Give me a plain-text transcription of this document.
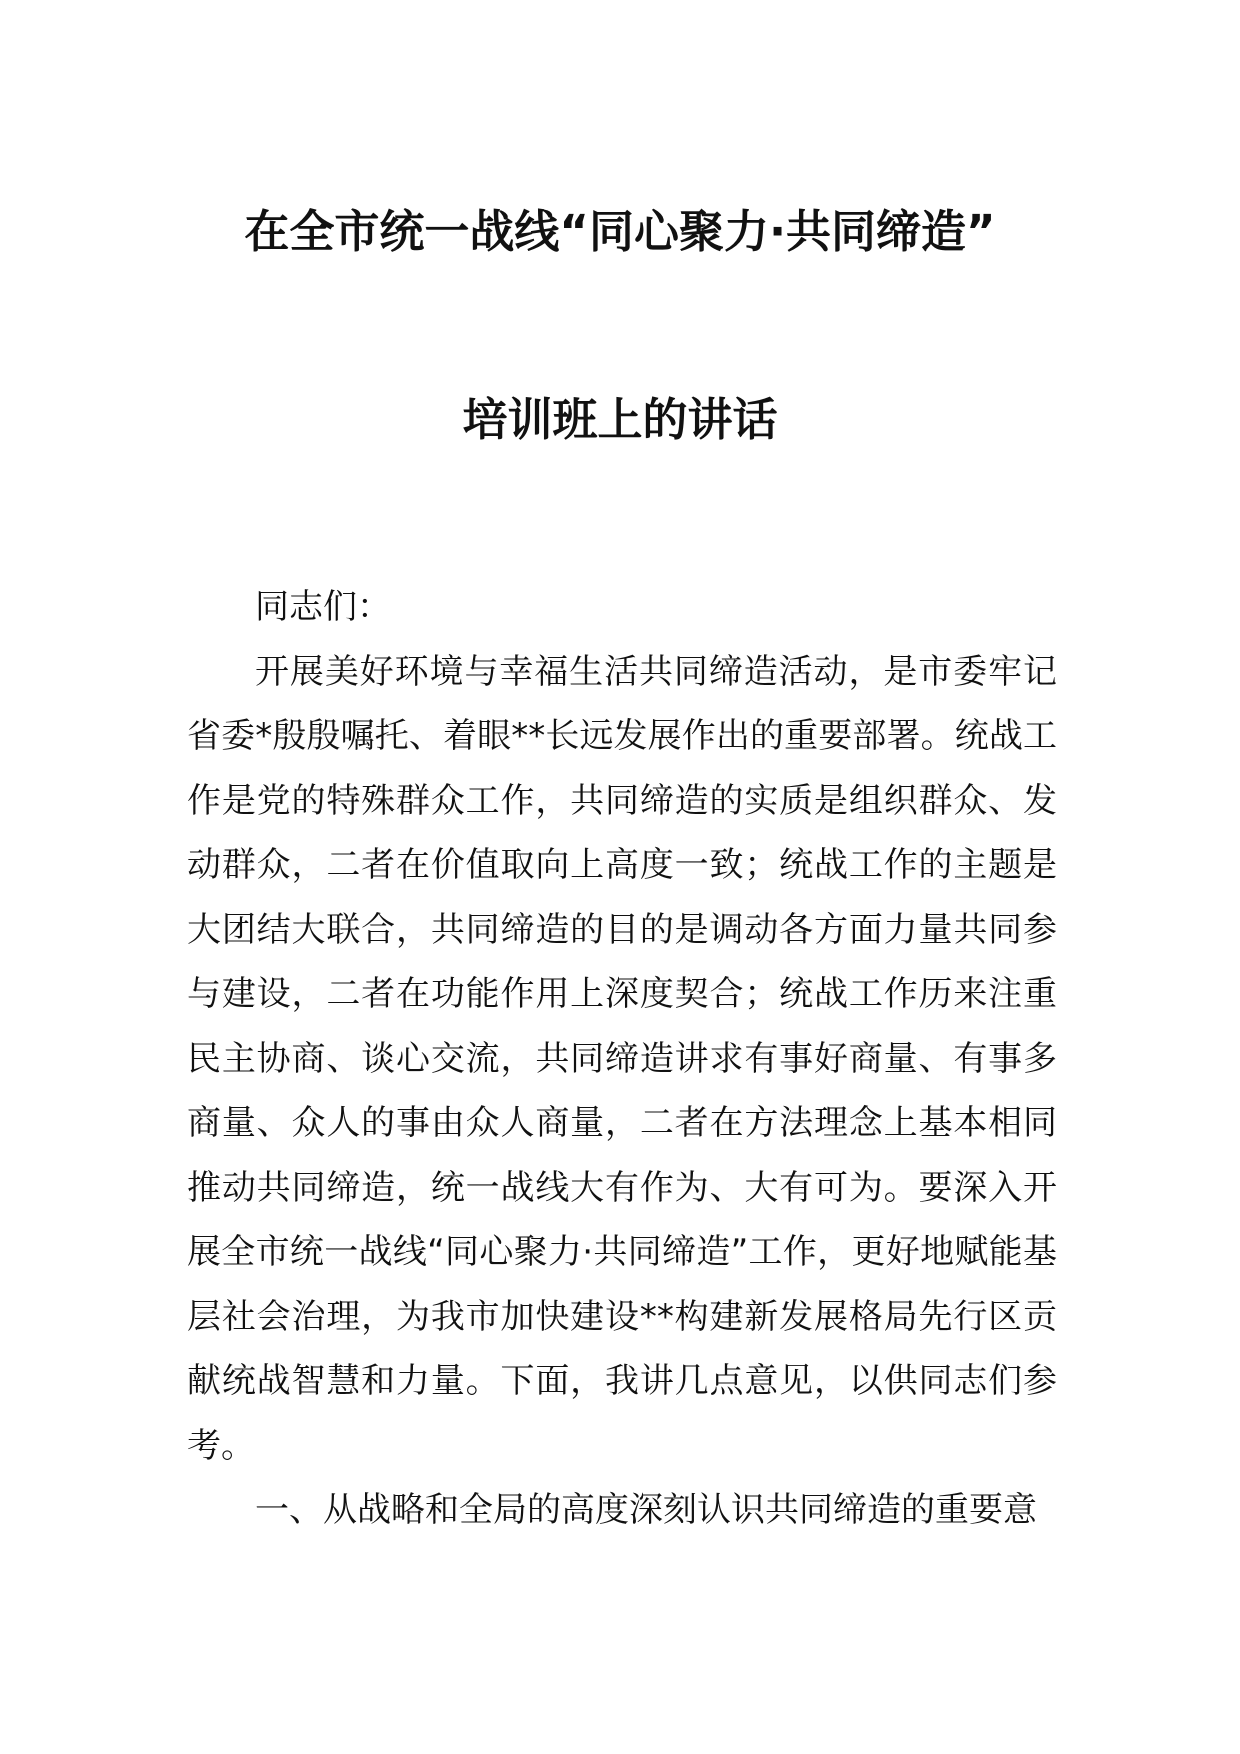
在全市统一战线“同心聚力·共同缔造”
培训班上的讲话

同志们：

开展美好环境与幸福生活共同缔造活动，是市委牢记省委*殷殷嘱托、着眼**长远发展作出的重要部署。统战工作是党的特殊群众工作，共同缔造的实质是组织群众、发动群众，二者在价值取向上高度一致；统战工作的主题是大团结大联合，共同缔造的目的是调动各方面力量共同参与建设，二者在功能作用上深度契合；统战工作历来注重民主协商、谈心交流，共同缔造讲求有事好商量、有事多商量、众人的事由众人商量，二者在方法理念上基本相同推动共同缔造，统一战线大有作为、大有可为。要深入开展全市统一战线“同心聚力·共同缔造”工作，更好地赋能基层社会治理，为我市加快建设**构建新发展格局先行区贡献统战智慧和力量。下面，我讲几点意见，以供同志们参考。

一、从战略和全局的高度深刻认识共同缔造的重要意
